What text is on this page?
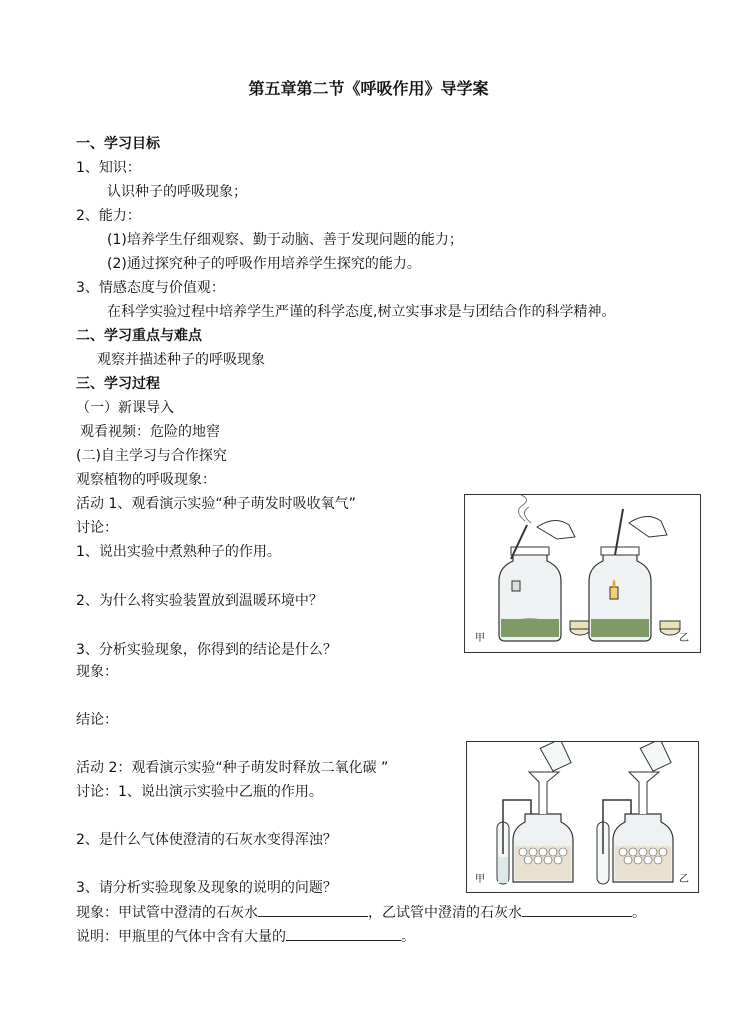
第五章第二节《呼吸作用》导学案
一、学习目标
1、知识：
认识种子的呼吸现象；
2、能力：
(1)培养学生仔细观察、勤于动脑、善于发现问题的能力；
(2)通过探究种子的呼吸作用培养学生探究的能力。
3、情感态度与价值观：
在科学实验过程中培养学生严谨的科学态度,树立实事求是与团结合作的科学精神。
二、学习重点与难点
观察并描述种子的呼吸现象
三、学习过程
（一）新课导入
观看视频：危险的地窖
(二)自主学习与合作探究
观察植物的呼吸现象：
活动 1、观看演示实验“种子萌发时吸收氧气”
讨论：
1、说出实验中煮熟种子的作用。
2、为什么将实验装置放到温暖环境中？
3、分析实验现象，你得到的结论是什么？
现象：
结论：
活动 2：观看演示实验“种子萌发时释放二氧化碳 ”
讨论：1、说出演示实验中乙瓶的作用。
2、是什么气体使澄清的石灰水变得浑浊？
3、请分析实验现象及现象的说明的问题？
现象：甲试管中澄清的石灰水	，乙试管中澄清的石灰水	。
说明：甲瓶里的气体中含有大量的	。
甲	乙
甲	乙
